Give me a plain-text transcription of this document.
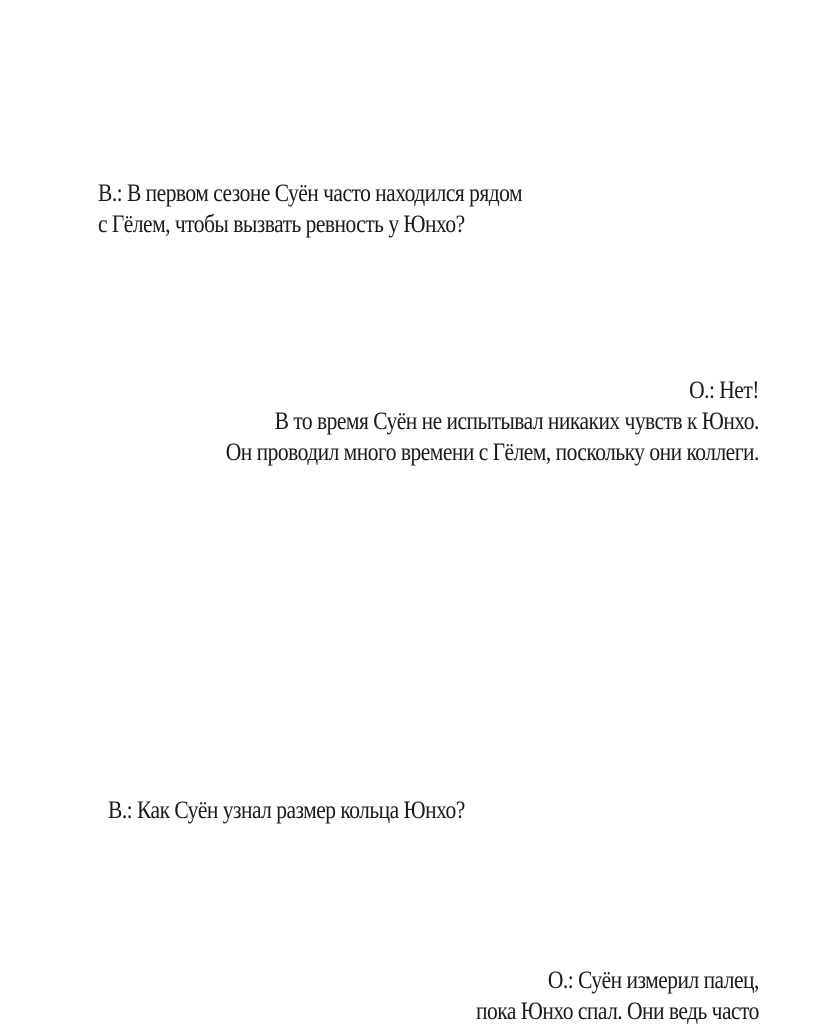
В.: В первом сезоне Суён часто находился рядом
с Гёлем, чтобы вызвать ревность у Юнхо?
О.: Нет!
В то время Суён не испытывал никаких чувств к Юнхо.
Он проводил много времени с Гёлем, поскольку они коллеги.
В.: Как Суён узнал размер кольца Юнхо?
О.: Суён измерил палец,
пока Юнхо спал. Они ведь часто
